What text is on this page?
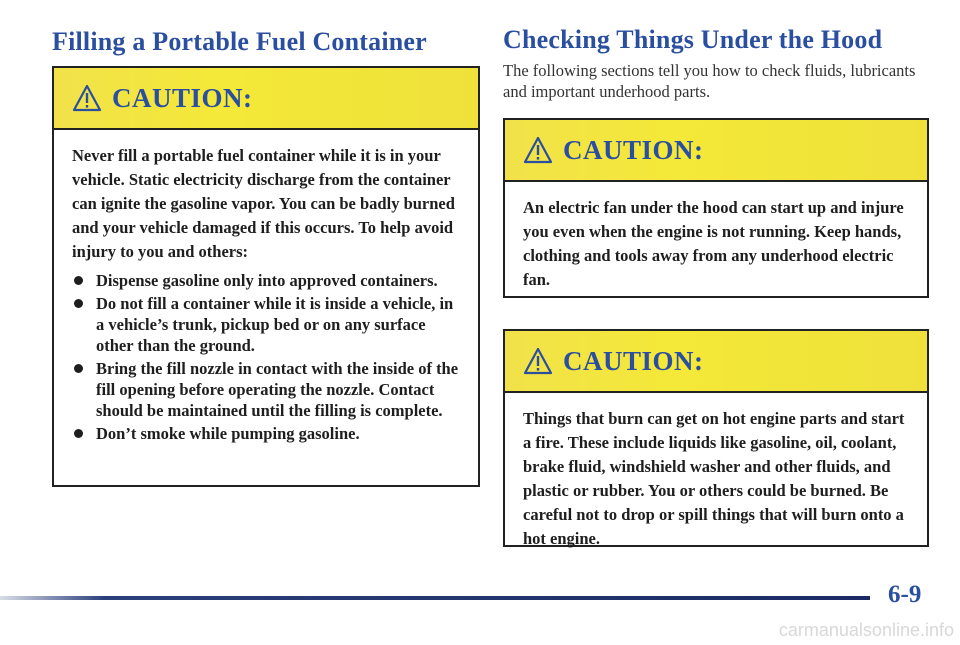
Filling a Portable Fuel Container
CAUTION:

Never fill a portable fuel container while it is in your vehicle. Static electricity discharge from the container can ignite the gasoline vapor. You can be badly burned and your vehicle damaged if this occurs. To help avoid injury to you and others:

Dispense gasoline only into approved containers.
Do not fill a container while it is inside a vehicle, in a vehicle’s trunk, pickup bed or on any surface other than the ground.
Bring the fill nozzle in contact with the inside of the fill opening before operating the nozzle. Contact should be maintained until the filling is complete.
Don’t smoke while pumping gasoline.
Checking Things Under the Hood

The following sections tell you how to check fluids, lubricants and important underhood parts.

CAUTION:

An electric fan under the hood can start up and injure you even when the engine is not running. Keep hands, clothing and tools away from any underhood electric fan.

CAUTION:

Things that burn can get on hot engine parts and start a fire. These include liquids like gasoline, oil, coolant, brake fluid, windshield washer and other fluids, and plastic or rubber. You or others could be burned. Be careful not to drop or spill things that will burn onto a hot engine.

6-9
carmanualsonline.info
